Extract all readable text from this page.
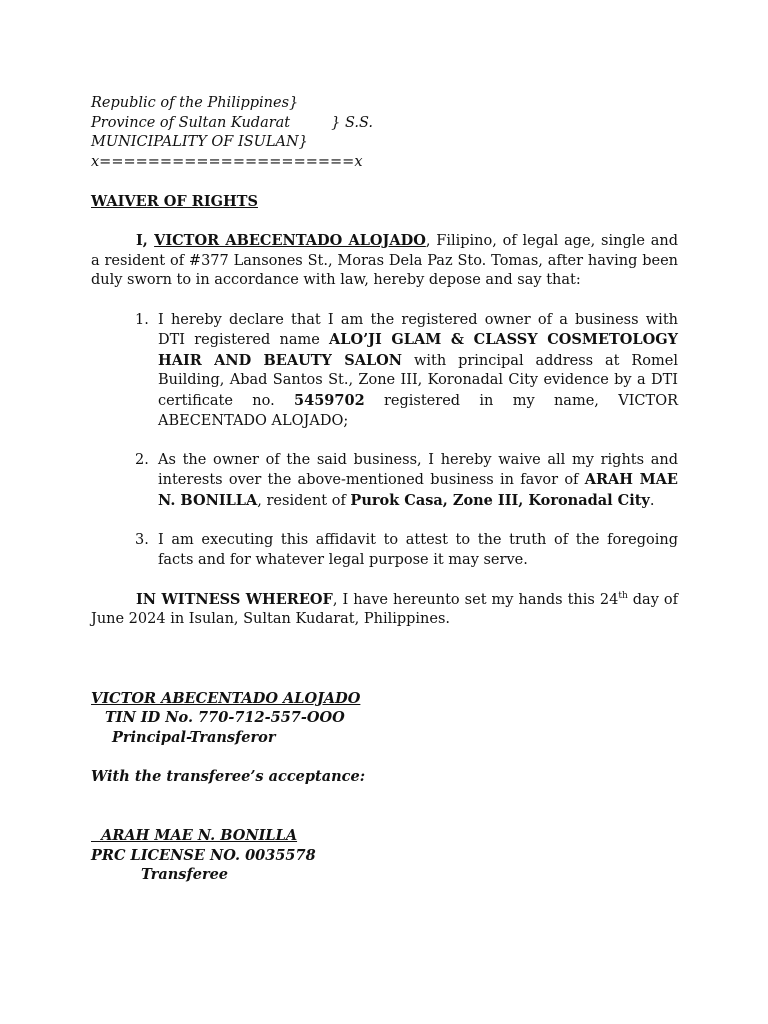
Republic of the Philippines}
Province of Sultan Kudarat	} S.S.
MUNICIPALITY OF ISULAN}
x=====================x
WAIVER OF RIGHTS

I, VICTOR ABECENTADO ALOJADO, Filipino, of legal age, single and a resident of #377 Lansones St., Moras Dela Paz Sto. Tomas, after having been duly sworn to in accordance with law, hereby depose and say that:

1. I hereby declare that I am the registered owner of a business with DTI registered name ALO’JI GLAM & CLASSY COSMETOLOGY HAIR AND BEAUTY SALON with principal address at Romel Building, Abad Santos St., Zone III, Koronadal City evidence by a DTI certificate no. 5459702 registered in my name, VICTOR ABECENTADO ALOJADO;
2. As the owner of the said business, I hereby waive all my rights and interests over the above-mentioned business in favor of ARAH MAE N. BONILLA, resident of Purok Casa, Zone III, Koronadal City.
3. I am executing this affidavit to attest to the truth of the foregoing facts and for whatever legal purpose it may serve.

IN WITNESS WHEREOF, I have hereunto set my hands this 24th day of June 2024 in Isulan, Sultan Kudarat, Philippines.

VICTOR ABECENTADO ALOJADO
TIN ID No. 770-712-557-OOO
Principal-Transferor
With the transferee’s acceptance:
ARAH MAE N. BONILLA
PRC LICENSE NO. 0035578
Transferee
